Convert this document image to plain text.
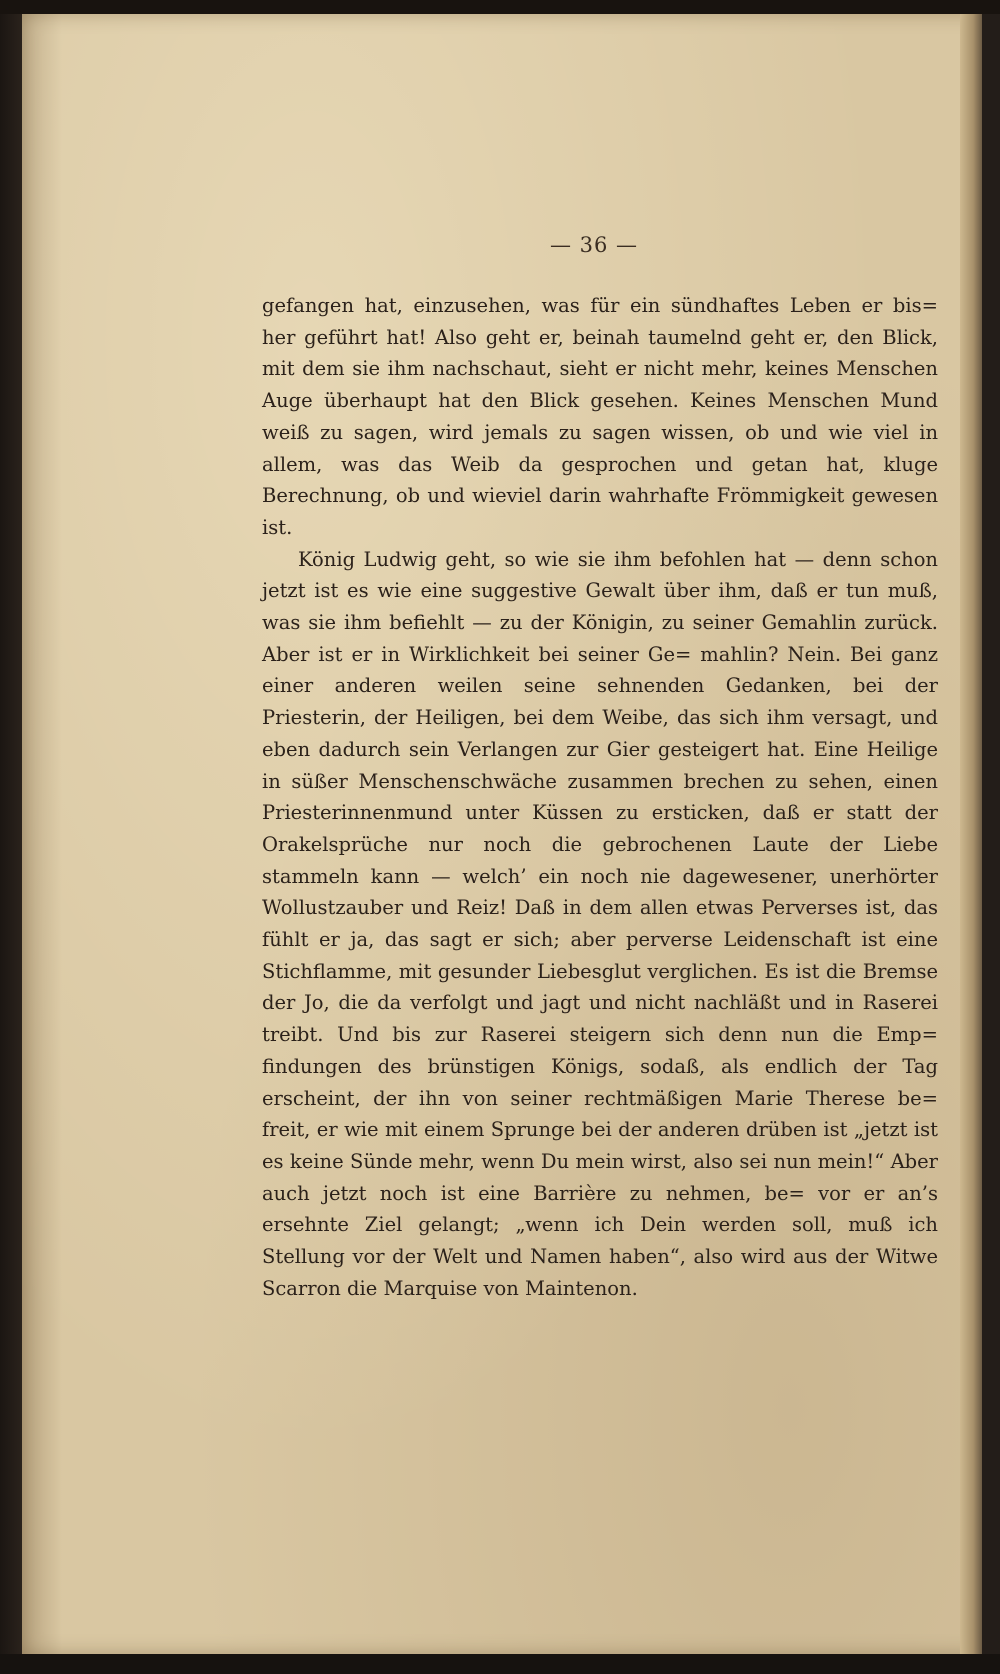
— 36 —

gefangen hat, einzusehen, was für ein sündhaftes Leben er bis= her geführt hat! Also geht er, beinah taumelnd geht er, den Blick, mit dem sie ihm nachschaut, sieht er nicht mehr, keines Menschen Auge überhaupt hat den Blick gesehen. Keines Menschen Mund weiß zu sagen, wird jemals zu sagen wissen, ob und wie viel in allem, was das Weib da gesprochen und getan hat, kluge Berechnung, ob und wieviel darin wahrhafte Frömmigkeit gewesen ist.

König Ludwig geht, so wie sie ihm befohlen hat — denn schon jetzt ist es wie eine suggestive Gewalt über ihm, daß er tun muß, was sie ihm befiehlt — zu der Königin, zu seiner Gemahlin zurück. Aber ist er in Wirklichkeit bei seiner Ge= mahlin? Nein. Bei ganz einer anderen weilen seine sehnenden Gedanken, bei der Priesterin, der Heiligen, bei dem Weibe, das sich ihm versagt, und eben dadurch sein Verlangen zur Gier gesteigert hat. Eine Heilige in süßer Menschenschwäche zusammen brechen zu sehen, einen Priesterinnenmund unter Küssen zu ersticken, daß er statt der Orakelsprüche nur noch die gebrochenen Laute der Liebe stammeln kann — welch’ ein noch nie dagewesener, unerhörter Wollustzauber und Reiz! Daß in dem allen etwas Perverses ist, das fühlt er ja, das sagt er sich; aber perverse Leidenschaft ist eine Stichflamme, mit gesunder Liebesglut verglichen. Es ist die Bremse der Jo, die da verfolgt und jagt und nicht nachläßt und in Raserei treibt. Und bis zur Raserei steigern sich denn nun die Emp= findungen des brünstigen Königs, sodaß, als endlich der Tag erscheint, der ihn von seiner rechtmäßigen Marie Therese be= freit, er wie mit einem Sprunge bei der anderen drüben ist „jetzt ist es keine Sünde mehr, wenn Du mein wirst, also sei nun mein!“ Aber auch jetzt noch ist eine Barrière zu nehmen, be= vor er an’s ersehnte Ziel gelangt; „wenn ich Dein werden soll, muß ich Stellung vor der Welt und Namen haben“, also wird aus der Witwe Scarron die Marquise von Maintenon.
